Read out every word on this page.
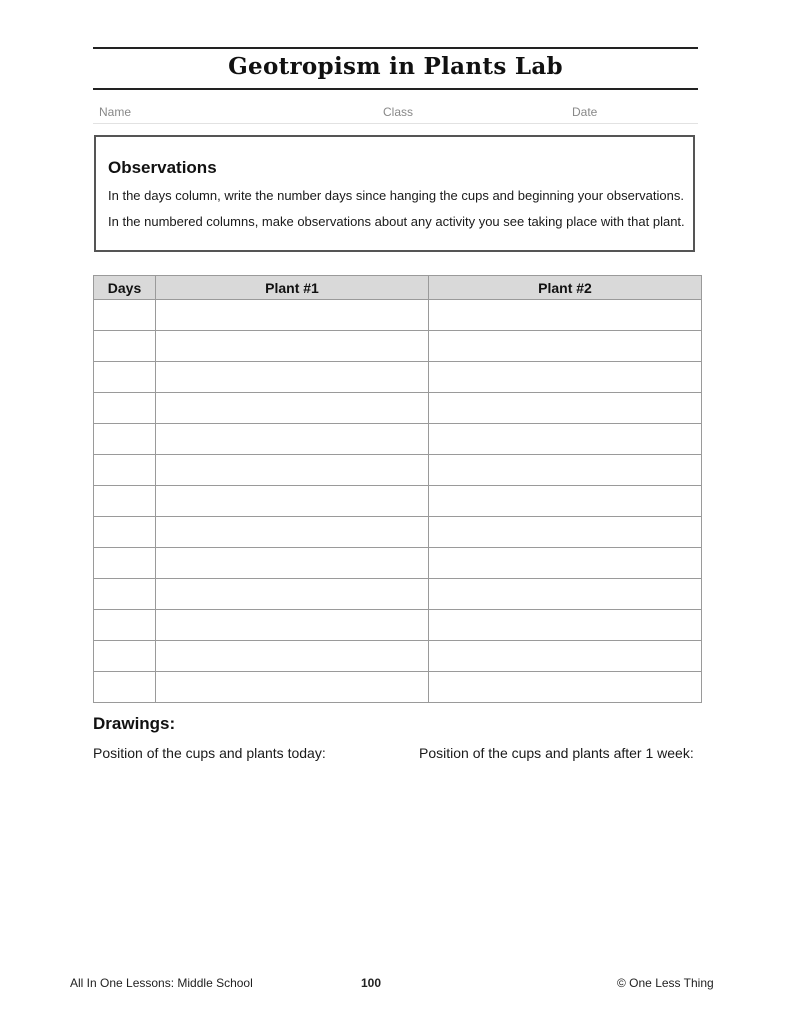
Geotropism in Plants Lab
Name	Class	Date
Observations
In the days column, write the number days since hanging the cups and beginning your observations.
In the numbered columns, make observations about any activity you see taking place with that plant.
Days	Plant #1	Plant #2

Drawings:
Position of the cups and plants today:	Position of the cups and plants after 1 week:
All In One Lessons: Middle School	100	© One Less Thing
